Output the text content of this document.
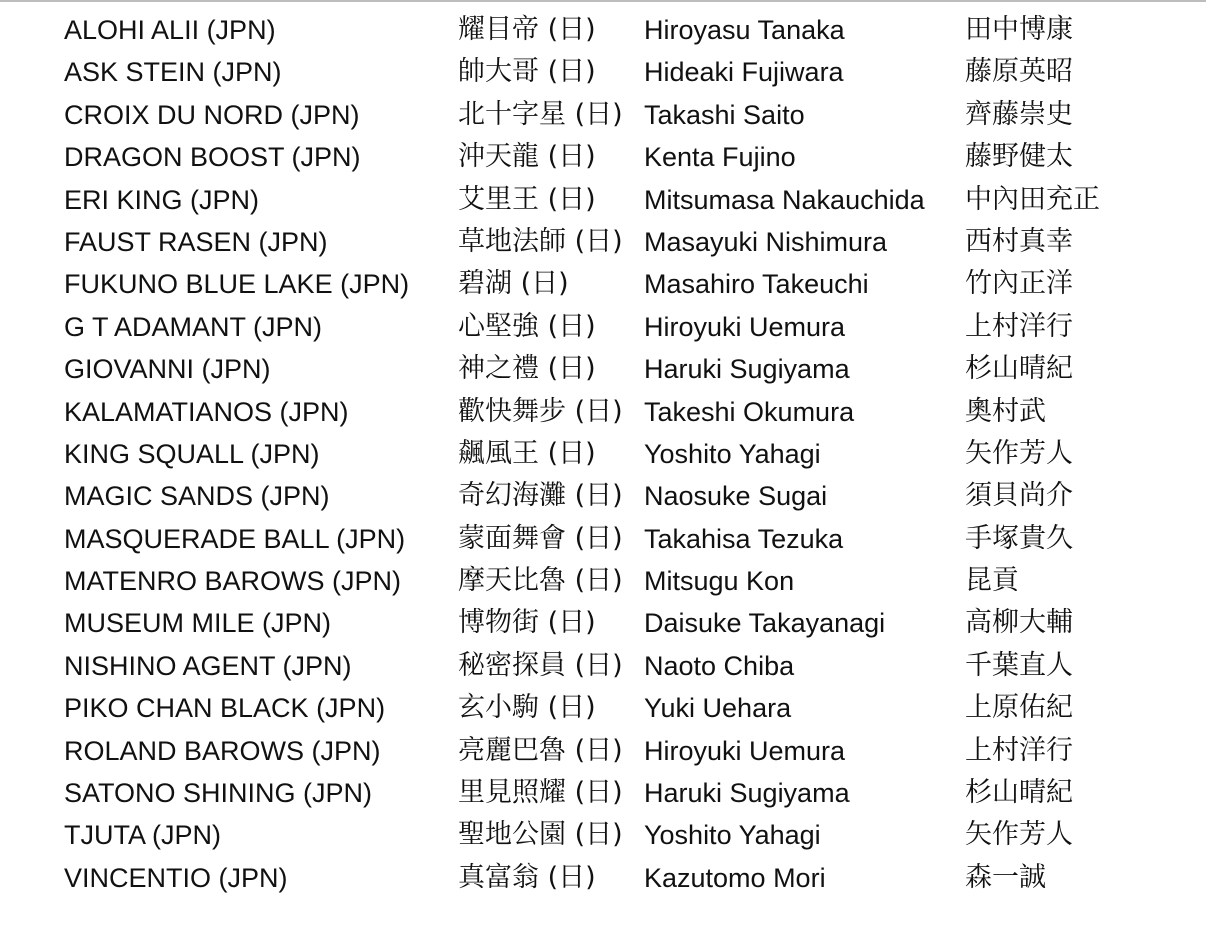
ALOHI ALII (JPN)	耀目帝 (日)	Hiroyasu Tanaka	田中博康
ASK STEIN (JPN)	帥大哥 (日)	Hideaki Fujiwara	藤原英昭
CROIX DU NORD (JPN)	北十字星 (日) Takashi Saito	齊藤崇史
DRAGON BOOST (JPN)	沖天龍 (日)	Kenta Fujino	藤野健太
ERI KING (JPN)	艾里王 (日)	Mitsumasa Nakauchida	中內田充正
FAUST RASEN (JPN)	草地法師 (日) Masayuki Nishimura	西村真幸
FUKUNO BLUE LAKE (JPN)	碧湖 (日)	Masahiro Takeuchi	竹內正洋
G T ADAMANT (JPN)	心堅強 (日)	Hiroyuki Uemura	上村洋行
GIOVANNI (JPN)	神之禮 (日)	Haruki Sugiyama	杉山晴紀
KALAMATIANOS (JPN)	歡快舞步 (日) Takeshi Okumura	奧村武
KING SQUALL (JPN)	飆風王 (日)	Yoshito Yahagi	矢作芳人
MAGIC SANDS (JPN)	奇幻海灘 (日) Naosuke Sugai	須貝尚介
MASQUERADE BALL (JPN)	蒙面舞會 (日) Takahisa Tezuka	手塚貴久
MATENRO BAROWS (JPN)	摩天比魯 (日) Mitsugu Kon	昆貢
MUSEUM MILE (JPN)	博物街 (日)	Daisuke Takayanagi	高柳大輔
NISHINO AGENT (JPN)	秘密探員 (日) Naoto Chiba	千葉直人
PIKO CHAN BLACK (JPN)	玄小駒 (日)	Yuki Uehara	上原佑紀
ROLAND BAROWS (JPN)	亮麗巴魯 (日) Hiroyuki Uemura	上村洋行
SATONO SHINING (JPN)	里見照耀 (日) Haruki Sugiyama	杉山晴紀
TJUTA (JPN)	聖地公園 (日) Yoshito Yahagi	矢作芳人
VINCENTIO (JPN)	真富翁 (日)	Kazutomo Mori	森一誠
